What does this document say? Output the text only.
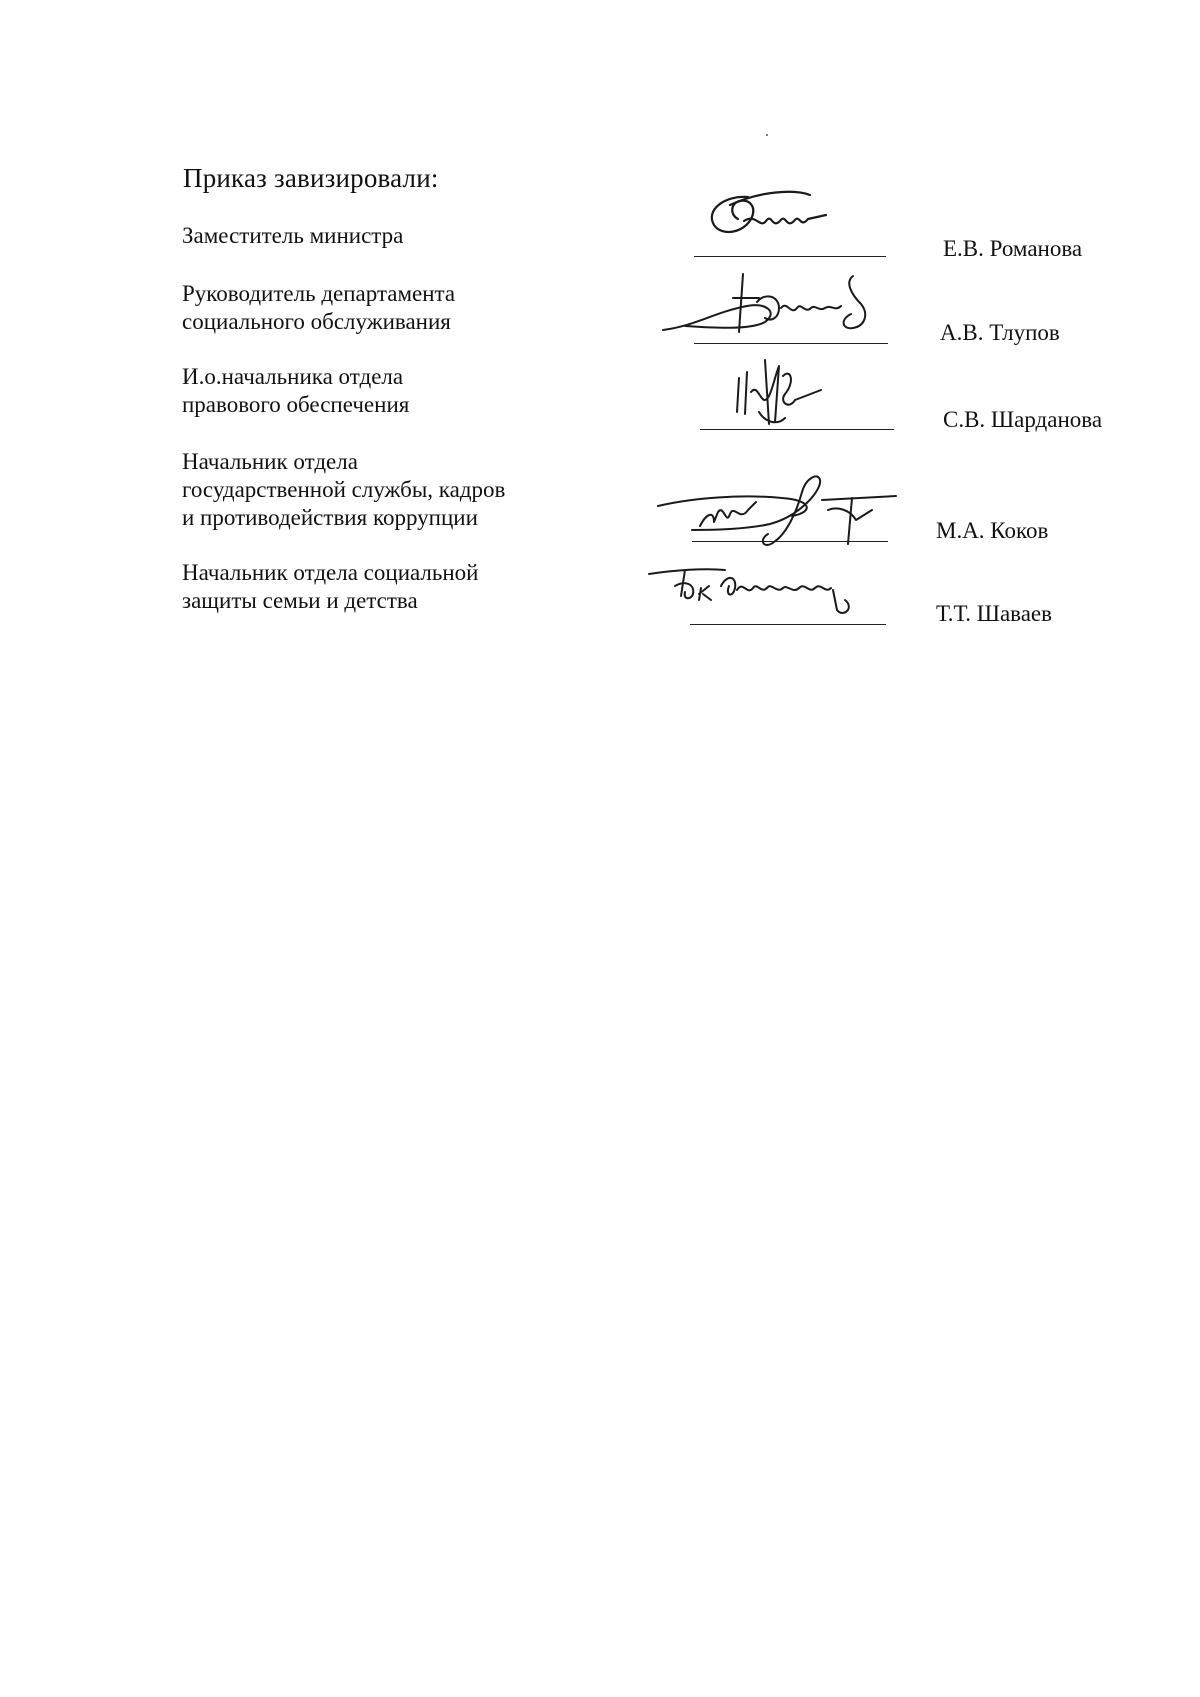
Приказ завизировали:
Заместитель министра
Е.В. Романова
Руководитель департамента
социального обслуживания	А.В. Тлупов
И.о.начальника отдела
правового обеспечения
С.В. Шарданова
Начальник отдела
государственной службы, кадров
и противодействия коррупции
М.А. Коков
Начальник отдела социальной
защиты семьи и детства
Т.Т. Шаваев
